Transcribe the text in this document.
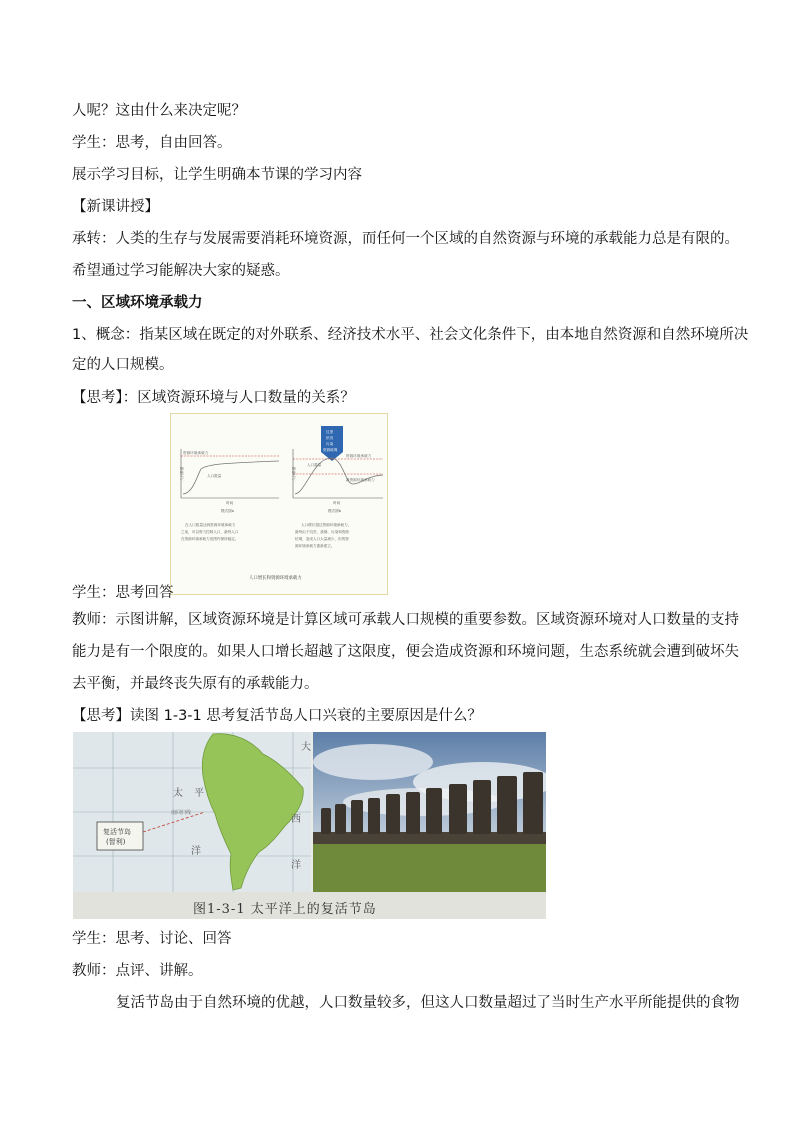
人呢？这由什么来决定呢？
学生：思考，自由回答。
展示学习目标，让学生明确本节课的学习内容
【新课讲授】
承转：人类的生存与发展需要消耗环境资源，而任何一个区域的自然资源与环境的承载能力总是有限的。
希望通过学习能解决大家的疑惑。
一、区域环境承载力
1、概念：指某区域在既定的对外联系、经济技术水平、社会文化条件下，由本地自然资源和自然环境所决
定的人口规模。
【思考】：区域资源环境与人口数量的关系？
资源环境承载力
人口数量
时间
人口数量
模式图a
在人口数量达到资源环境承载力
之前，可以势力控制人口，最终人口
在资源环境承载力范围内保持稳定。
过度
砍伐
污染
资源耗竭
资源环境承载力
新资源环境承载力
人口数量
时间
人口数量
模式图b
人口增长超过资源环境承载力，
最终由于饥荒、战祸、污染和资源
枯竭，造成人口大量减少，但的资
源环境承载力重新建立。
人口增长和资源环境承载力
学生：思考回答
教师：示图讲解，区域资源环境是计算区域可承载人口规模的重要参数。区域资源环境对人口数量的支持
能力是有一个限度的。如果人口增长超越了这限度，便会造成资源和环境问题，生态系统就会遭到破坏失
去平衡，并最终丧失原有的承载能力。
【思考】读图 1-3-1 思考复活节岛人口兴衰的主要原因是什么？
复活节岛
(智利)
太 平
洋
南回归线
大
西
洋
图1-3-1 太平洋上的复活节岛
学生：思考、讨论、回答
教师：点评、讲解。
复活节岛由于自然环境的优越，人口数量较多，但这人口数量超过了当时生产水平所能提供的食物
